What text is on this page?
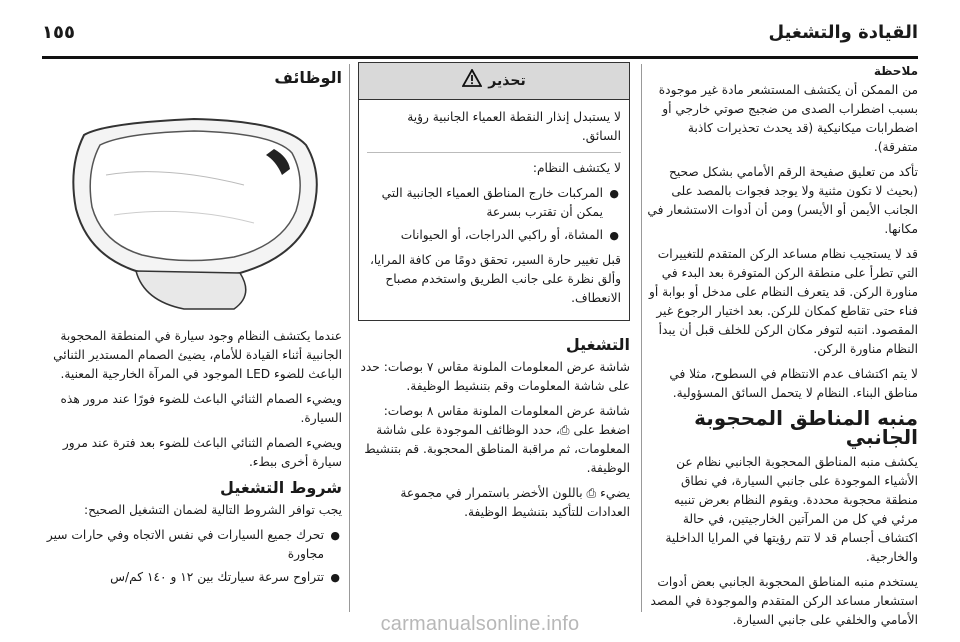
القيادة والتشغيل
١٥٥
ملاحظة

من الممكن أن يكتشف المستشعر مادة غير موجودة بسبب اضطراب الصدى من ضجيج صوتي خارجي أو اضطرابات ميكانيكية (قد يحدث تحذيرات كاذبة متفرقة).

تأكد من تعليق صفيحة الرقم الأمامي بشكل صحيح (بحيث لا تكون مثنية ولا يوجد فجوات بالمصد على الجانب الأيمن أو الأيسر) ومن أن أدوات الاستشعار في مكانها.

قد لا يستجيب نظام مساعد الركن المتقدم للتغييرات التي تطرأ على منطقة الركن المتوفرة بعد البدء في مناورة الركن. قد يتعرف النظام على مدخل أو بوابة أو فناء حتى تقاطع كمكان للركن. بعد اختيار الرجوع غير المقصود. انتبه لتوفر مكان الركن للخلف قبل أن يبدأ النظام مناورة الركن.

لا يتم اكتشاف عدم الانتظام في السطوح، مثلا في مناطق البناء. النظام لا يتحمل السائق المسؤولية.

منبه المناطق المحجوبة الجانبي

يكشف منبه المناطق المحجوبة الجانبي نظام عن الأشياء الموجودة على جانبي السيارة، في نطاق منطقة محجوبة محددة. ويقوم النظام بعرض تنبيه مرئي في كل من المرآتين الخارجيتين، في حالة اكتشاف أجسام قد لا تتم رؤيتها في المرايا الداخلية والخارجية.

يستخدم منبه المناطق المحجوبة الجانبي بعض أدوات استشعار مساعد الركن المتقدم والموجودة في المصد الأمامي والخلفي على جانبي السيارة.

تحذير

لا يستبدل إنذار النقطة العمياء الجانبية رؤية السائق.

لا يكتشف النظام:

● المركبات خارج المناطق العمياء الجانبية التي يمكن أن تقترب بسرعة
● المشاة، أو راكبي الدراجات، أو الحيوانات

قبل تغيير حارة السير، تحقق دومًا من كافة المرايا، وألق نظرة على جانب الطريق واستخدم مصباح الانعطاف.

التشغيل

شاشة عرض المعلومات الملونة مقاس ٧ بوصات: حدد على شاشة المعلومات وقم بتنشيط الوظيفة.

شاشة عرض المعلومات الملونة مقاس ٨ بوصات: اضغط على ⎙، حدد الوظائف الموجودة على شاشة المعلومات، ثم مراقبة المناطق المحجوبة. قم بتنشيط الوظيفة.

يضيء ⎙ باللون الأخضر باستمرار في مجموعة العدادات للتأكيد بتنشيط الوظيفة.

الوظائف

عندما يكتشف النظام وجود سيارة في المنطقة المحجوبة الجانبية أثناء القيادة للأمام، يضيئ الصمام المستدير الثنائي الباعث للضوء LED الموجود في المرآة الخارجية المعنية.

ويضيء الصمام الثنائي الباعث للضوء فورًا عند مرور هذه السيارة.

ويضيء الصمام الثنائي الباعث للضوء بعد فترة عند مرور سيارة أخرى ببطء.

شروط التشغيل

يجب توافر الشروط التالية لضمان التشغيل الصحيح:

● تحرك جميع السيارات في نفس الاتجاه وفي حارات سير مجاورة
● تتراوح سرعة سيارتك بين ١٢ و ١٤٠ كم/س
carmanualsonline.info
